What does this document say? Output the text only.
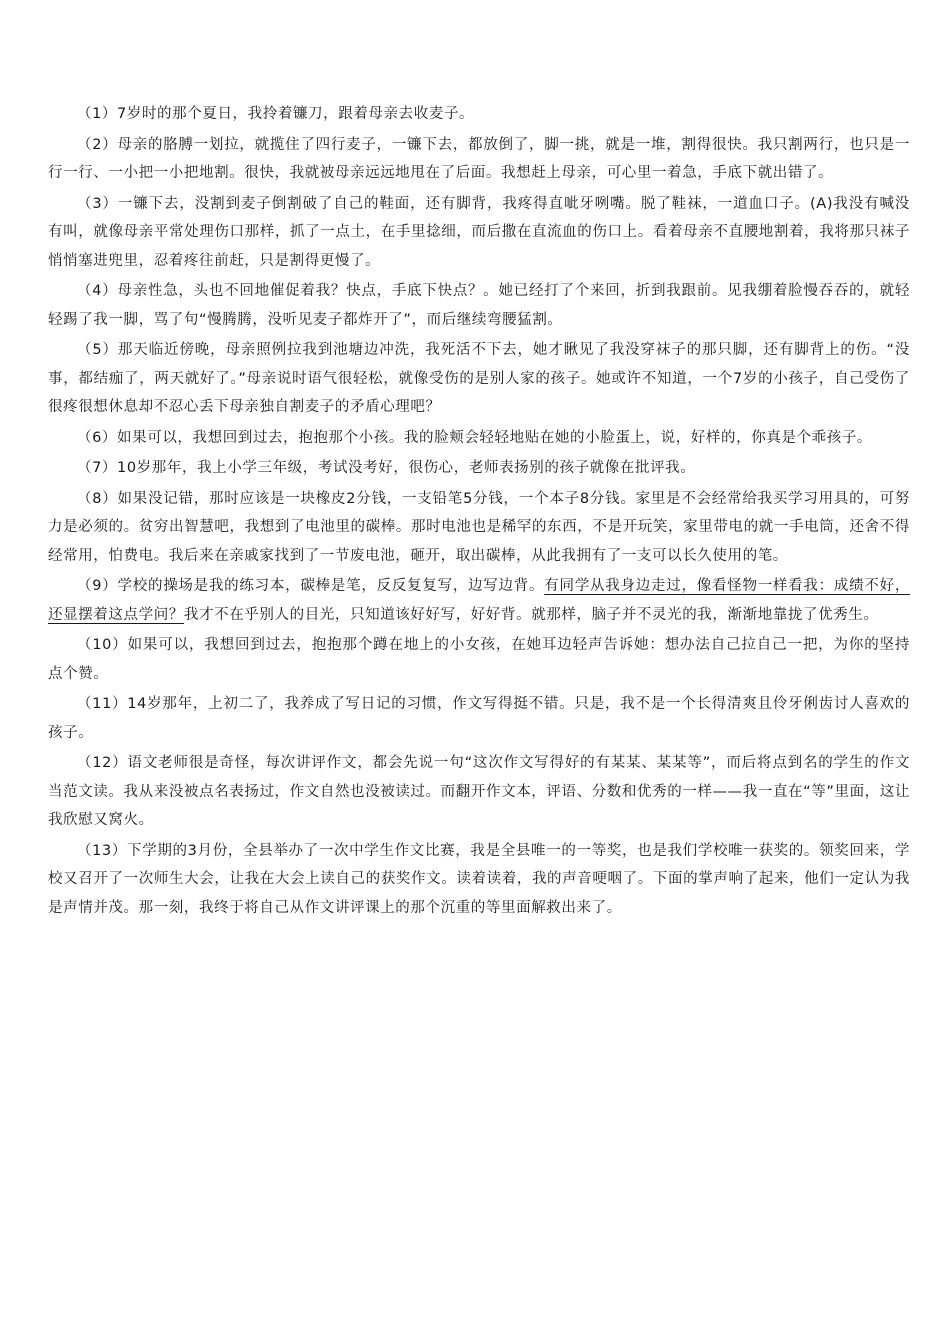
（1）7岁时的那个夏日，我拎着镰刀，跟着母亲去收麦子。

（2）母亲的胳膊一划拉，就揽住了四行麦子，一镰下去，都放倒了，脚一挑，就是一堆，割得很快。我只割两行，也只是一行一行、一小把一小把地割。很快，我就被母亲远远地甩在了后面。我想赶上母亲，可心里一着急，手底下就出错了。

（3）一镰下去，没割到麦子倒割破了自己的鞋面，还有脚背，我疼得直呲牙咧嘴。脱了鞋袜，一道血口子。(A)我没有喊没有叫，就像母亲平常处理伤口那样，抓了一点土，在手里捻细，而后撒在直流血的伤口上。看着母亲不直腰地割着，我将那只袜子悄悄塞进兜里，忍着疼往前赶，只是割得更慢了。

（4）母亲性急，头也不回地催促着我？快点，手底下快点？。她已经打了个来回，折到我跟前。见我绷着脸慢吞吞的，就轻轻踢了我一脚，骂了句“慢腾腾，没听见麦子都炸开了”，而后继续弯腰猛割。

（5）那天临近傍晚，母亲照例拉我到池塘边冲洗，我死活不下去，她才瞅见了我没穿袜子的那只脚，还有脚背上的伤。“没事，都结痂了，两天就好了。”母亲说时语气很轻松，就像受伤的是别人家的孩子。她或许不知道，一个7岁的小孩子，自己受伤了很疼很想休息却不忍心丢下母亲独自割麦子的矛盾心理吧？

（6）如果可以，我想回到过去，抱抱那个小孩。我的脸颊会轻轻地贴在她的小脸蛋上，说，好样的，你真是个乖孩子。

（7）10岁那年，我上小学三年级，考试没考好，很伤心，老师表扬别的孩子就像在批评我。

（8）如果没记错，那时应该是一块橡皮2分钱，一支铅笔5分钱，一个本子8分钱。家里是不会经常给我买学习用具的，可努力是必须的。贫穷出智慧吧，我想到了电池里的碳棒。那时电池也是稀罕的东西，不是开玩笑，家里带电的就一手电筒，还舍不得经常用，怕费电。我后来在亲戚家找到了一节废电池，砸开，取出碳棒，从此我拥有了一支可以长久使用的笔。

（9）学校的操场是我的练习本，碳棒是笔，反反复复写，边写边背。有同学从我身边走过，像看怪物一样看我：成绩不好，还显摆着这点学问？我才不在乎别人的目光，只知道该好好写，好好背。就那样，脑子并不灵光的我，渐渐地靠拢了优秀生。

（10）如果可以，我想回到过去，抱抱那个蹲在地上的小女孩，在她耳边轻声告诉她：想办法自己拉自己一把，为你的坚持点个赞。

（11）14岁那年，上初二了，我养成了写日记的习惯，作文写得挺不错。只是，我不是一个长得清爽且伶牙俐齿讨人喜欢的孩子。

（12）语文老师很是奇怪，每次讲评作文，都会先说一句“这次作文写得好的有某某、某某等”，而后将点到名的学生的作文当范文读。我从来没被点名表扬过，作文自然也没被读过。而翻开作文本，评语、分数和优秀的一样——我一直在“等”里面，这让我欣慰又窝火。

（13）下学期的3月份，全县举办了一次中学生作文比赛，我是全县唯一的一等奖，也是我们学校唯一获奖的。领奖回来，学校又召开了一次师生大会，让我在大会上读自己的获奖作文。读着读着，我的声音哽咽了。下面的掌声响了起来，他们一定认为我是声情并茂。那一刻，我终于将自己从作文讲评课上的那个沉重的等里面解救出来了。
